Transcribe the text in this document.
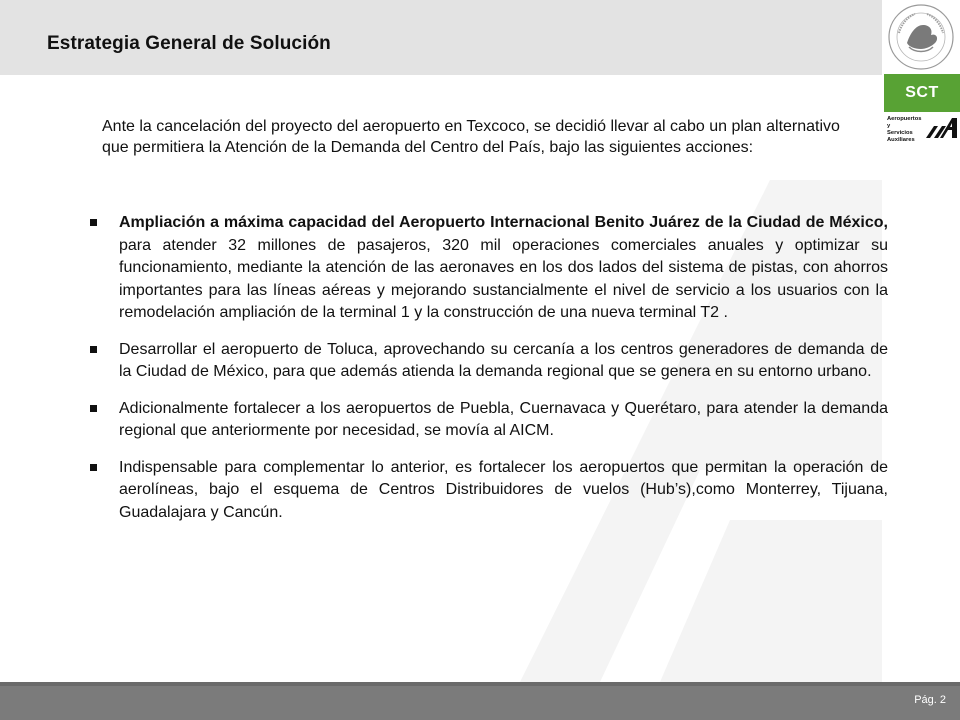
Estrategia General de Solución
SCT
Aeropuertos y
Servicios
Auxiliares
Ante la cancelación del proyecto del aeropuerto en Texcoco, se decidió llevar al cabo un plan alternativo que permitiera la Atención de la Demanda del Centro del País, bajo las siguientes acciones:
Ampliación a máxima capacidad del Aeropuerto Internacional Benito Juárez de la Ciudad de México, para atender 32 millones de pasajeros, 320 mil operaciones comerciales anuales y optimizar su funcionamiento, mediante la atención de las aeronaves en los dos lados del sistema de pistas, con ahorros importantes para las líneas aéreas y mejorando sustancialmente el nivel de servicio a los usuarios con la remodelación ampliación de la terminal 1 y la construcción de una nueva terminal T2 .
Desarrollar el aeropuerto de Toluca, aprovechando su cercanía a los centros generadores de demanda de la Ciudad de México, para que además atienda la demanda regional que se genera en su entorno urbano.
Adicionalmente fortalecer a los aeropuertos de Puebla, Cuernavaca y Querétaro, para atender la demanda regional que anteriormente por necesidad, se movía al AICM.
Indispensable para complementar lo anterior, es fortalecer los aeropuertos que permitan la operación de aerolíneas, bajo el esquema de Centros Distribuidores de vuelos (Hub’s),como Monterrey, Tijuana, Guadalajara y Cancún.
Pág. 2
